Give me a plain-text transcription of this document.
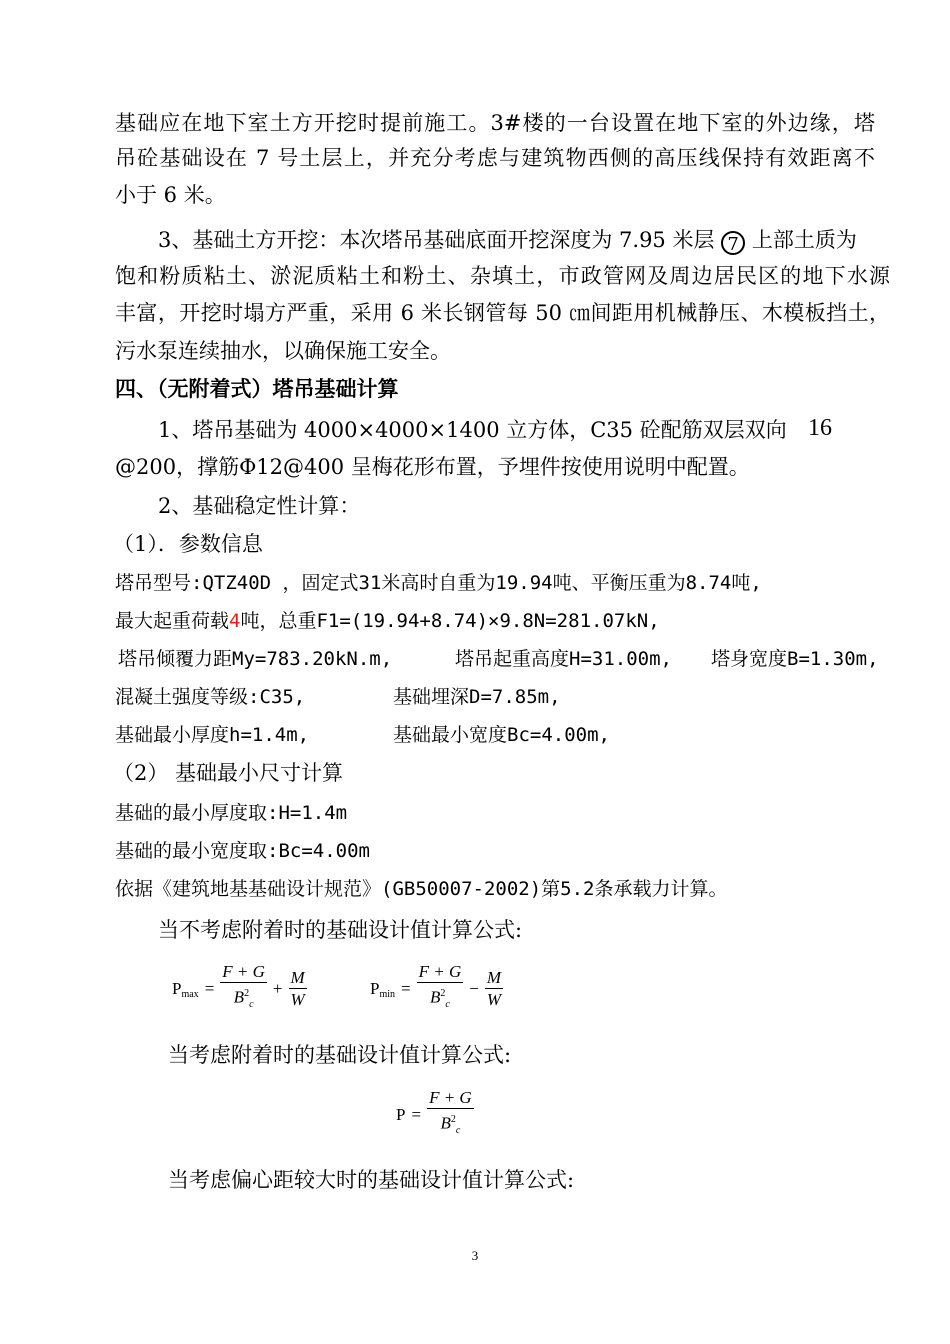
基础应在地下室土方开挖时提前施工。3#楼的一台设置在地下室的外边缘，塔
吊砼基础设在 7 号土层上，并充分考虑与建筑物西侧的高压线保持有效距离不
小于 6 米。
3、基础土方开挖：本次塔吊基础底面开挖深度为 7.95 米层 7 上部土质为
饱和粉质粘土、淤泥质粘土和粉土、杂填土，市政管网及周边居民区的地下水源
丰富，开挖时塌方严重，采用 6 米长钢管每 50 ㎝间距用机械静压、木模板挡土，
污水泵连续抽水，以确保施工安全。
四、（无附着式）塔吊基础计算
1、塔吊基础为 4000×4000×1400 立方体，C35 砼配筋双层双向 16
@200，撑筋Φ12@400 呈梅花形布置，予埋件按使用说明中配置。
2、基础稳定性计算：
（1）．参数信息
塔吊型号:QTZ40D ，固定式31米高时自重为19.94吨、平衡压重为8.74吨,
最大起重荷载4吨，总重F1=(19.94+8.74)×9.8N=281.07kN,
塔吊倾覆力距My=783.20kN.m,	塔吊起重高度H=31.00m, 塔身宽度B=1.30m,
混凝土强度等级:C35,	基础埋深D=7.85m,
基础最小厚度h=1.4m,	基础最小宽度Bc=4.00m,
（2） 基础最小尺寸计算
基础的最小厚度取:H=1.4m
基础的最小宽度取:Bc=4.00m
依据《建筑地基基础设计规范》(GB50007-2002)第5.2条承载力计算。
当不考虑附着时的基础设计值计算公式:
$P_{max} = \frac{F + G}{B^2_c} + \frac{M}{W}$	$P_{min} = \frac{F + G}{B^2_c} - \frac{M}{W}$
当考虑附着时的基础设计值计算公式:
$P = \frac{F + G}{B^2_c}$
当考虑偏心距较大时的基础设计值计算公式:
3
